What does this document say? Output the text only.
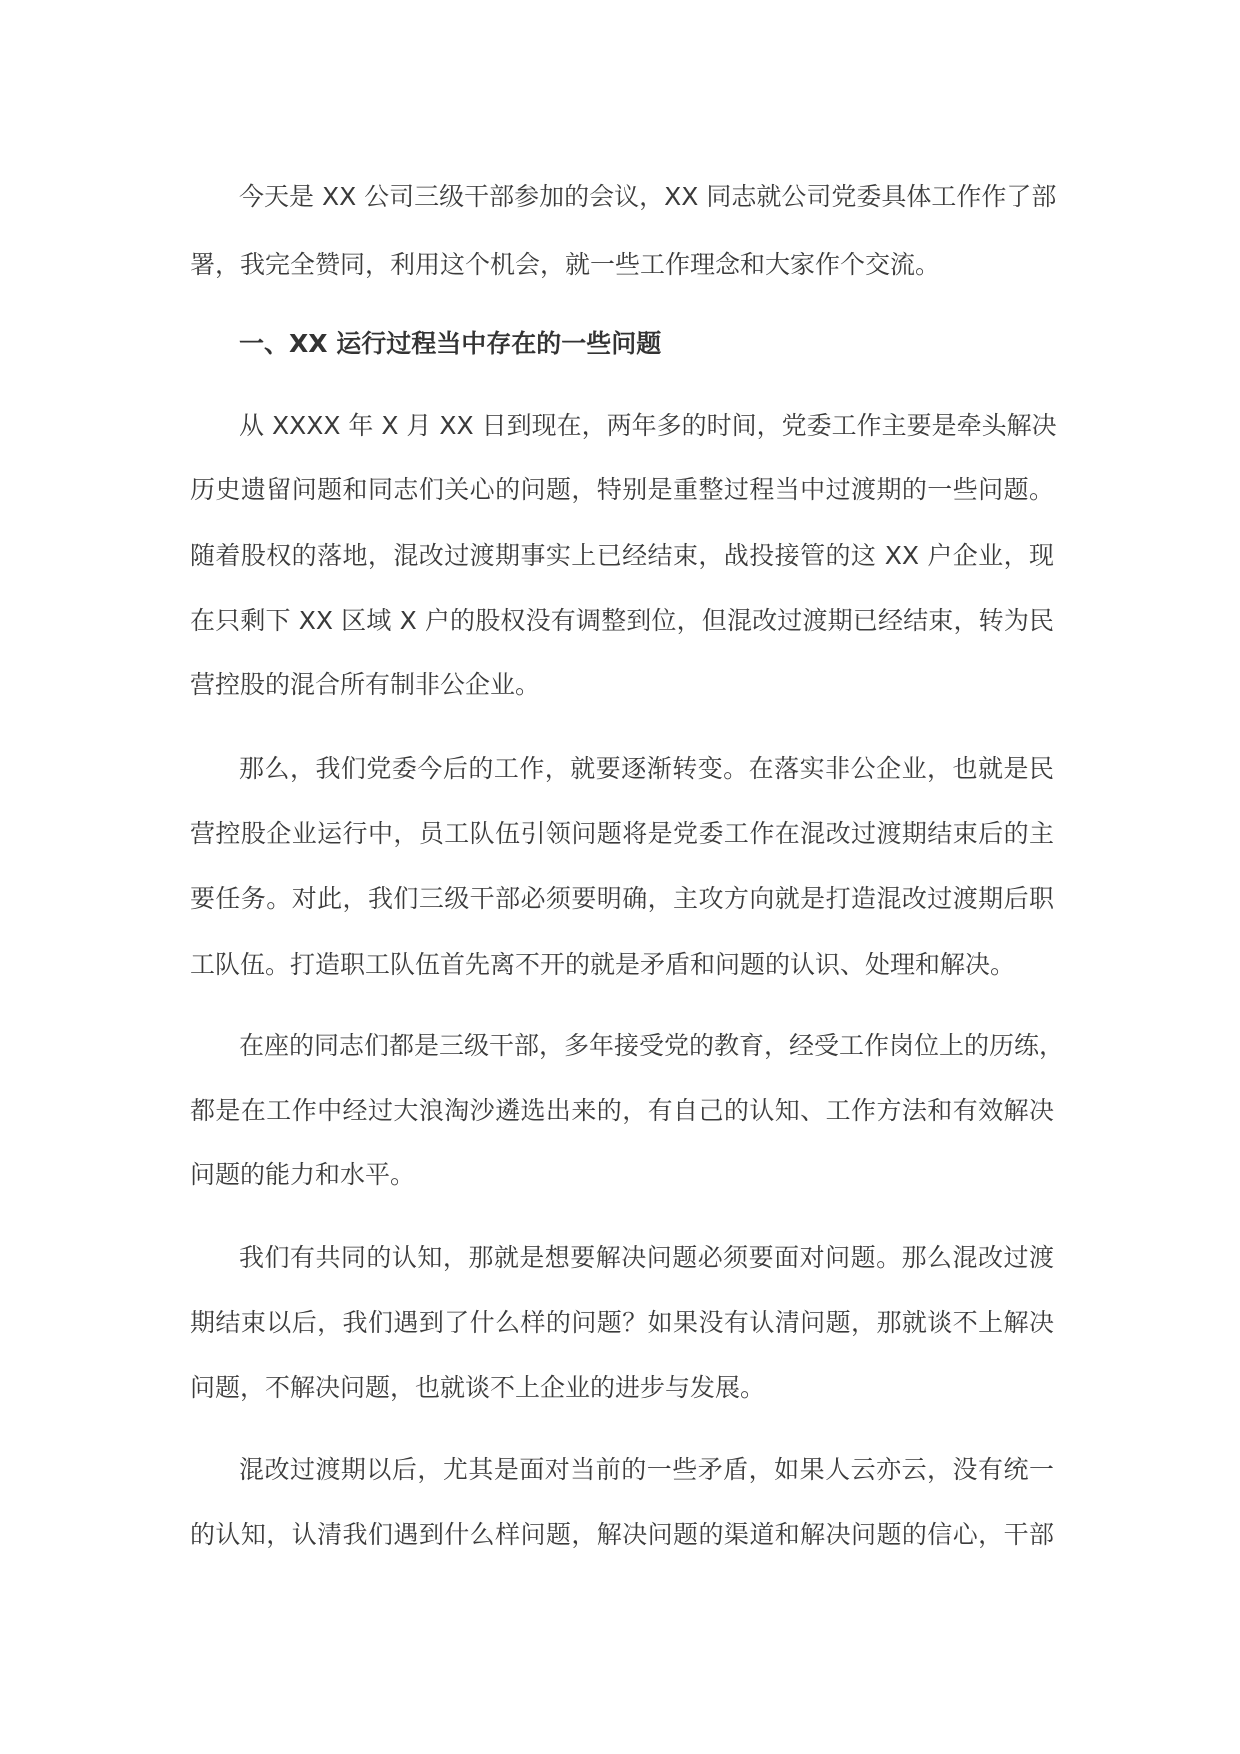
今天是 XX 公司三级干部参加的会议，XX 同志就公司党委具体工作作了部
署，我完全赞同，利用这个机会，就一些工作理念和大家作个交流。
一、XX 运行过程当中存在的一些问题
从 XXXX 年 X 月 XX 日到现在，两年多的时间，党委工作主要是牵头解决
历史遗留问题和同志们关心的问题，特别是重整过程当中过渡期的一些问题。
随着股权的落地，混改过渡期事实上已经结束，战投接管的这 XX 户企业，现
在只剩下 XX 区域 X 户的股权没有调整到位，但混改过渡期已经结束，转为民
营控股的混合所有制非公企业。
那么，我们党委今后的工作，就要逐渐转变。在落实非公企业，也就是民
营控股企业运行中，员工队伍引领问题将是党委工作在混改过渡期结束后的主
要任务。对此，我们三级干部必须要明确，主攻方向就是打造混改过渡期后职
工队伍。打造职工队伍首先离不开的就是矛盾和问题的认识、处理和解决。
在座的同志们都是三级干部，多年接受党的教育，经受工作岗位上的历练，
都是在工作中经过大浪淘沙遴选出来的，有自己的认知、工作方法和有效解决
问题的能力和水平。
我们有共同的认知，那就是想要解决问题必须要面对问题。那么混改过渡
期结束以后，我们遇到了什么样的问题？如果没有认清问题，那就谈不上解决
问题，不解决问题，也就谈不上企业的进步与发展。
混改过渡期以后，尤其是面对当前的一些矛盾，如果人云亦云，没有统一
的认知，认清我们遇到什么样问题，解决问题的渠道和解决问题的信心，干部
